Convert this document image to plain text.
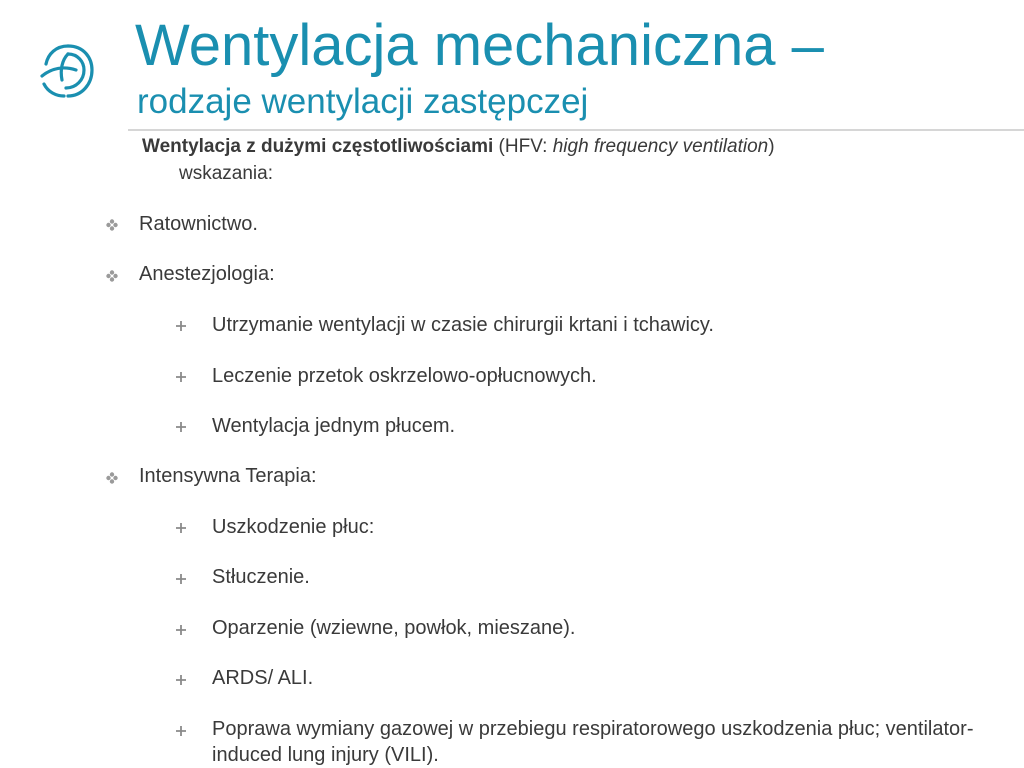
Wentylacja mechaniczna –
rodzaje wentylacji zastępczej
Wentylacja z dużymi częstotliwościami (HFV: high frequency ventilation)
wskazania:
Ratownictwo.
Anestezjologia:
Utrzymanie wentylacji w czasie chirurgii krtani i tchawicy.
Leczenie przetok oskrzelowo-opłucnowych.
Wentylacja jednym płucem.
Intensywna Terapia:
Uszkodzenie płuc:
Stłuczenie.
Oparzenie (wziewne, powłok, mieszane).
ARDS/ ALI.
Poprawa wymiany gazowej w przebiegu respiratorowego uszkodzenia płuc; ventilator-induced lung injury (VILI).
